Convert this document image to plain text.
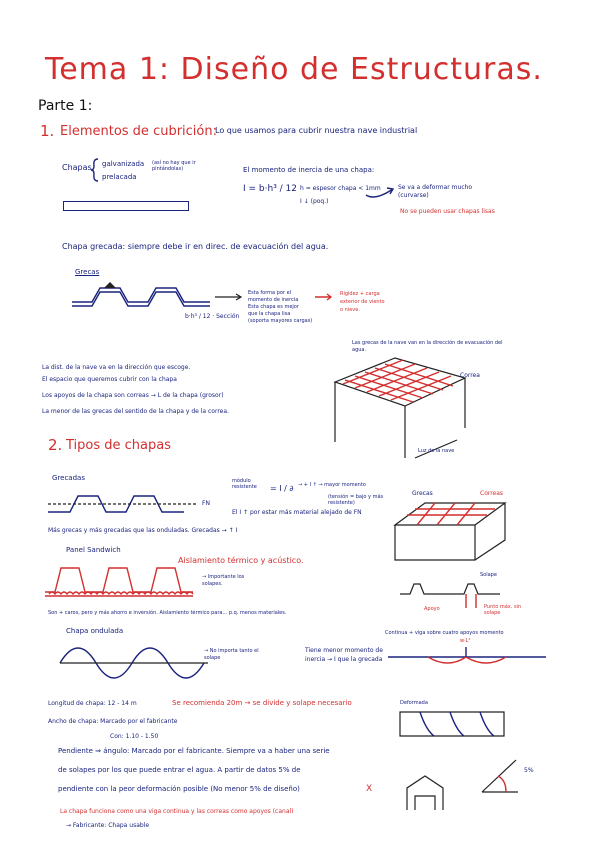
Tema 1: Diseño de Estructuras.
Parte 1:
1. Elementos de cubrición:
Lo que usamos para cubrir nuestra nave industrial
Chapas galvanizada (así no hay que ir pintándolas)
prelacada
El momento de inercia de una chapa:
I = b·h³ / 12 h = espesor chapa < 1mm
I ↓ (poq.)
Se va a deformar mucho (curvarse)
No se pueden usar chapas lisas
Chapa grecada: siempre debe ir en direc. de evacuación del agua.
Grecas
b·h³ / 12 · Sección
Esta forma por el
momento de inercia
Esta chapa es mejor
que la chapa lisa
(soporta mayores cargas)
Rigidez + carga
exterior de viento
o nieve.
Las grecas de la nave van en la dirección de evacuación del agua.
Correa
Luz de la nave
La dist. de la nave va en la dirección que escoge.
El espacio que queremos cubrir con la chapa
Los apoyos de la chapa son correas → L de la chapa (grosor)
La menor de las grecas del sentido de la chapa y de la correa.
2. Tipos de chapas
Grecadas	módulo resistente	= I / ∂ → + I ↑ → mayor momento
(tensión = bajo y más resistente)
FN
El I ↑ por estar más material alejado de FN
Más grecas y más grecadas que las onduladas. Grecadas → ↑ I
Panel Sandwich
Aislamiento térmico y acústico.
→ Importante los solapes.
Son + caros, pero y más ahorro e inversión. Aislamiento térmico para... p.q. menos materiales.
Chapa ondulada
→ No importa tanto el solape
Tiene menor momento de inercia → I que la grecada
Grecas	Correas
Solape
Apoyo	Punto máx. sin solape
Continua + viga sobre cuatro apoyos momento
w·L²
Deformada
Longitud de chapa: 12 - 14 m	Se recomienda 20m → se divide y solape necesario
Ancho de chapa: Marcado por el fabricante
Con: 1.10 - 1.50
Pendiente ⇒ ángulo: Marcado por el fabricante. Siempre va a haber una serie
de solapes por los que puede entrar el agua. A partir de datos 5% de
pendiente con la peor deformación posible (No menor 5% de diseño)	X
5%
La chapa funciona como una viga continua y las correas como apoyos (canal)
→ Fabricante: Chapa usable
